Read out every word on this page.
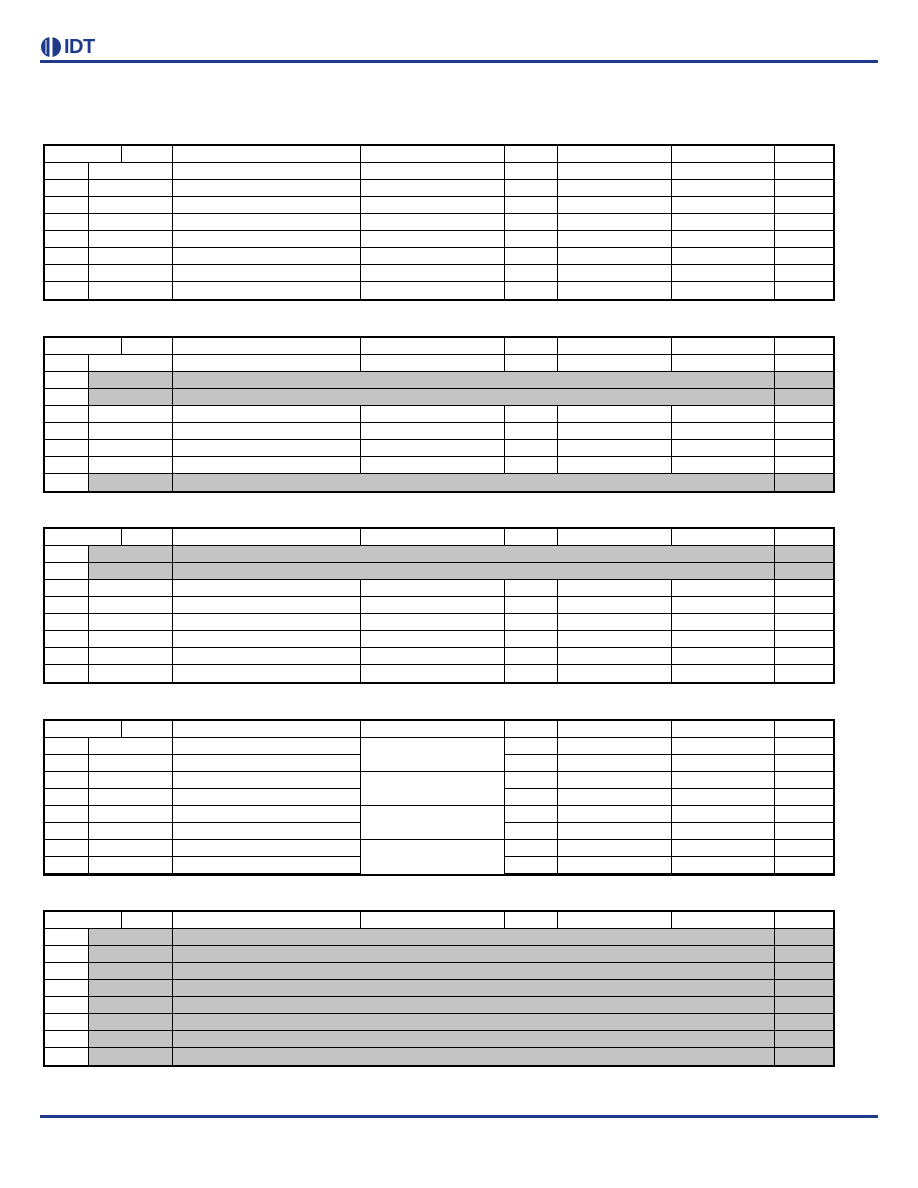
IDT
